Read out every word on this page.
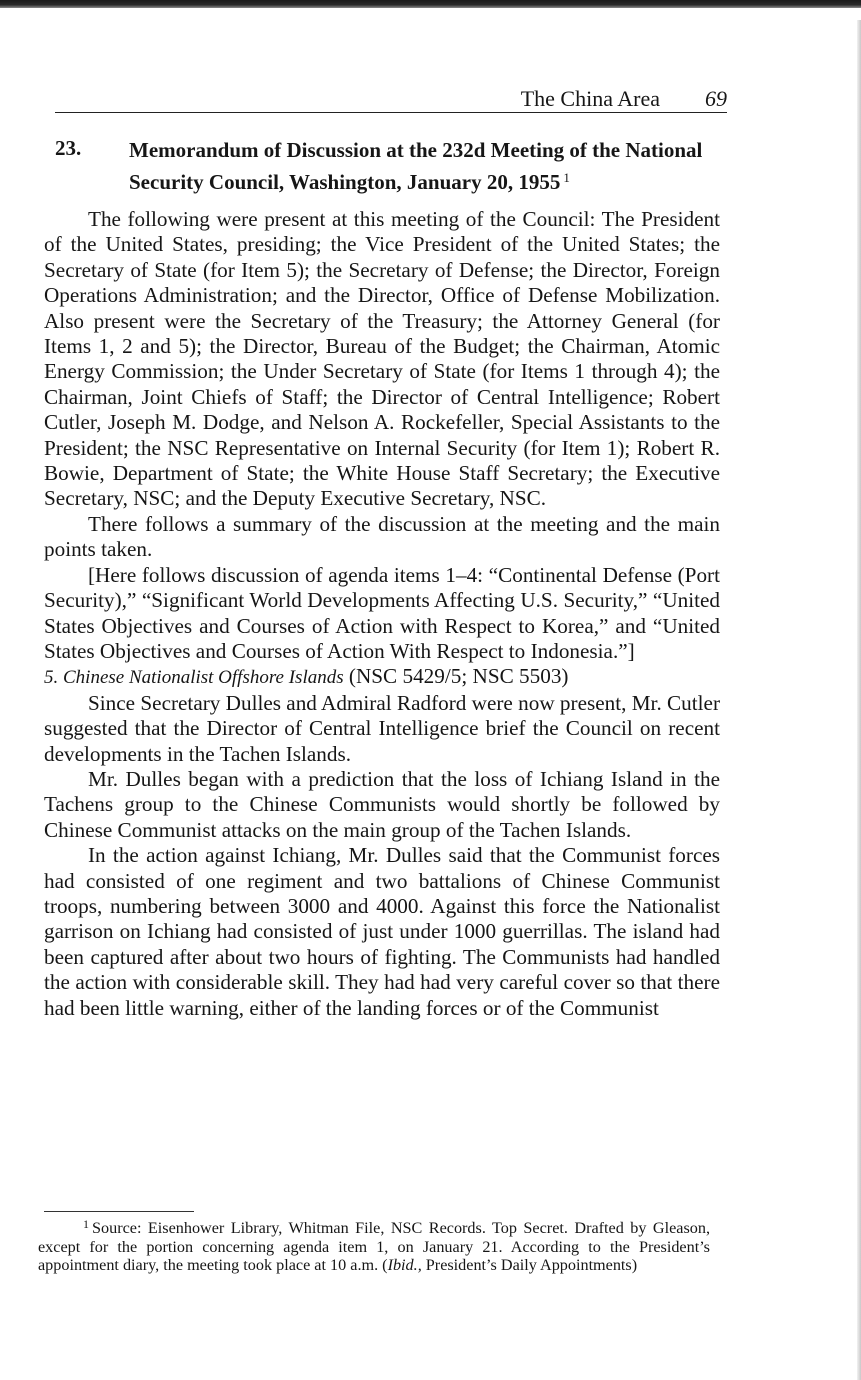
The China Area 69
23. Memorandum of Discussion at the 232d Meeting of the National Security Council, Washington, January 20, 1955 $^1$

The following were present at this meeting of the Council: The President of the United States, presiding; the Vice President of the United States; the Secretary of State (for Item 5); the Secretary of Defense; the Director, Foreign Operations Administration; and the Director, Office of Defense Mobilization. Also present were the Secretary of the Treasury; the Attorney General (for Items 1, 2 and 5); the Director, Bureau of the Budget; the Chairman, Atomic Energy Commission; the Under Secretary of State (for Items 1 through 4); the Chairman, Joint Chiefs of Staff; the Director of Central Intelligence; Robert Cutler, Joseph M. Dodge, and Nelson A. Rockefeller, Special Assistants to the President; the NSC Representative on Internal Security (for Item 1); Robert R. Bowie, Department of State; the White House Staff Secretary; the Executive Secretary, NSC; and the Deputy Executive Secretary, NSC.

There follows a summary of the discussion at the meeting and the main points taken.

[Here follows discussion of agenda items 1–4: “Continental Defense (Port Security),” “Significant World Developments Affecting U.S. Security,” “United States Objectives and Courses of Action with Respect to Korea,” and “United States Objectives and Courses of Action With Respect to Indonesia.”]

5. Chinese Nationalist Offshore Islands (NSC 5429/5; NSC 5503)

Since Secretary Dulles and Admiral Radford were now present, Mr. Cutler suggested that the Director of Central Intelligence brief the Council on recent developments in the Tachen Islands.

Mr. Dulles began with a prediction that the loss of Ichiang Island in the Tachens group to the Chinese Communists would shortly be followed by Chinese Communist attacks on the main group of the Tachen Islands.

In the action against Ichiang, Mr. Dulles said that the Communist forces had consisted of one regiment and two battalions of Chinese Communist troops, numbering between 3000 and 4000. Against this force the Nationalist garrison on Ichiang had consisted of just under 1000 guerrillas. The island had been captured after about two hours of fighting. The Communists had handled the action with considerable skill. They had had very careful cover so that there had been little warning, either of the landing forces or of the Communist

$^1$ Source: Eisenhower Library, Whitman File, NSC Records. Top Secret. Drafted by Gleason, except for the portion concerning agenda item 1, on January 21. According to the President’s appointment diary, the meeting took place at 10 a.m. (Ibid., President’s Daily Appointments)
